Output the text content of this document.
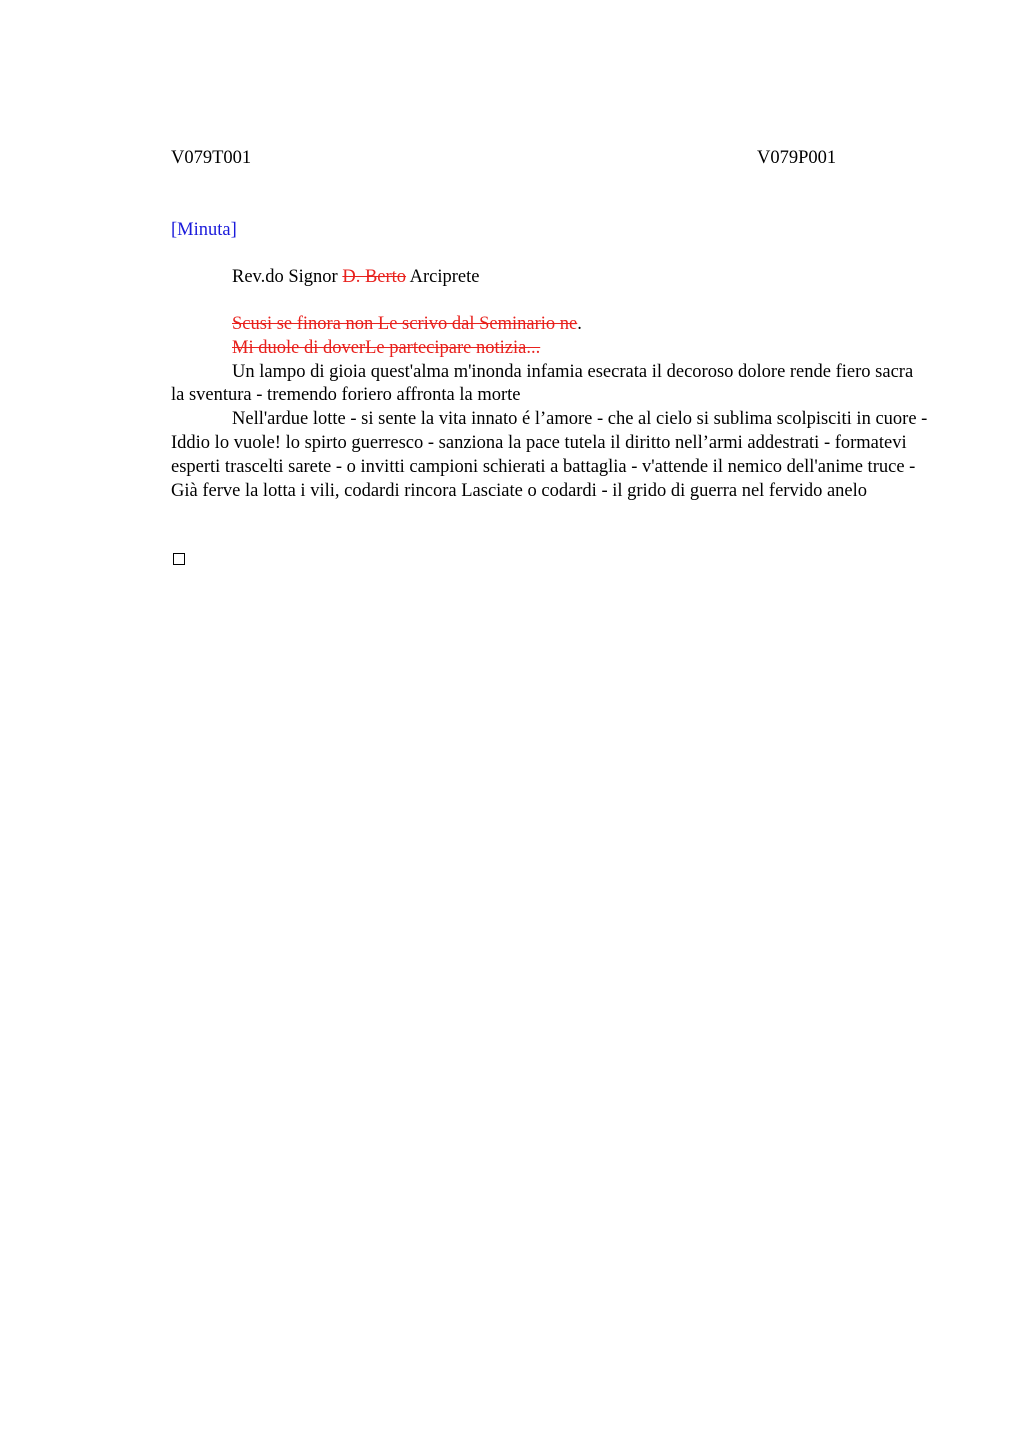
V079T001	V079P001
[Minuta]
Rev.do Signor D. Berto Arciprete

Scusi se finora non Le scrivo dal Seminario ne.

Mi duole di doverLe partecipare notizia...

Un lampo di gioia quest'alma m'inonda infamia esecrata il decoroso dolore rende fiero sacra la sventura - tremendo foriero affronta la morte

Nell'ardue lotte - si sente la vita innato é l’amore - che al cielo si sublima scolpisciti in cuore - Iddio lo vuole! lo spirto guerresco - sanziona la pace tutela il diritto nell’armi addestrati - formatevi esperti trascelti sarete - o invitti campioni schierati a battaglia - v'attende il nemico dell'anime truce - Già ferve la lotta i vili, codardi rincora Lasciate o codardi - il grido di guerra nel fervido anelo
